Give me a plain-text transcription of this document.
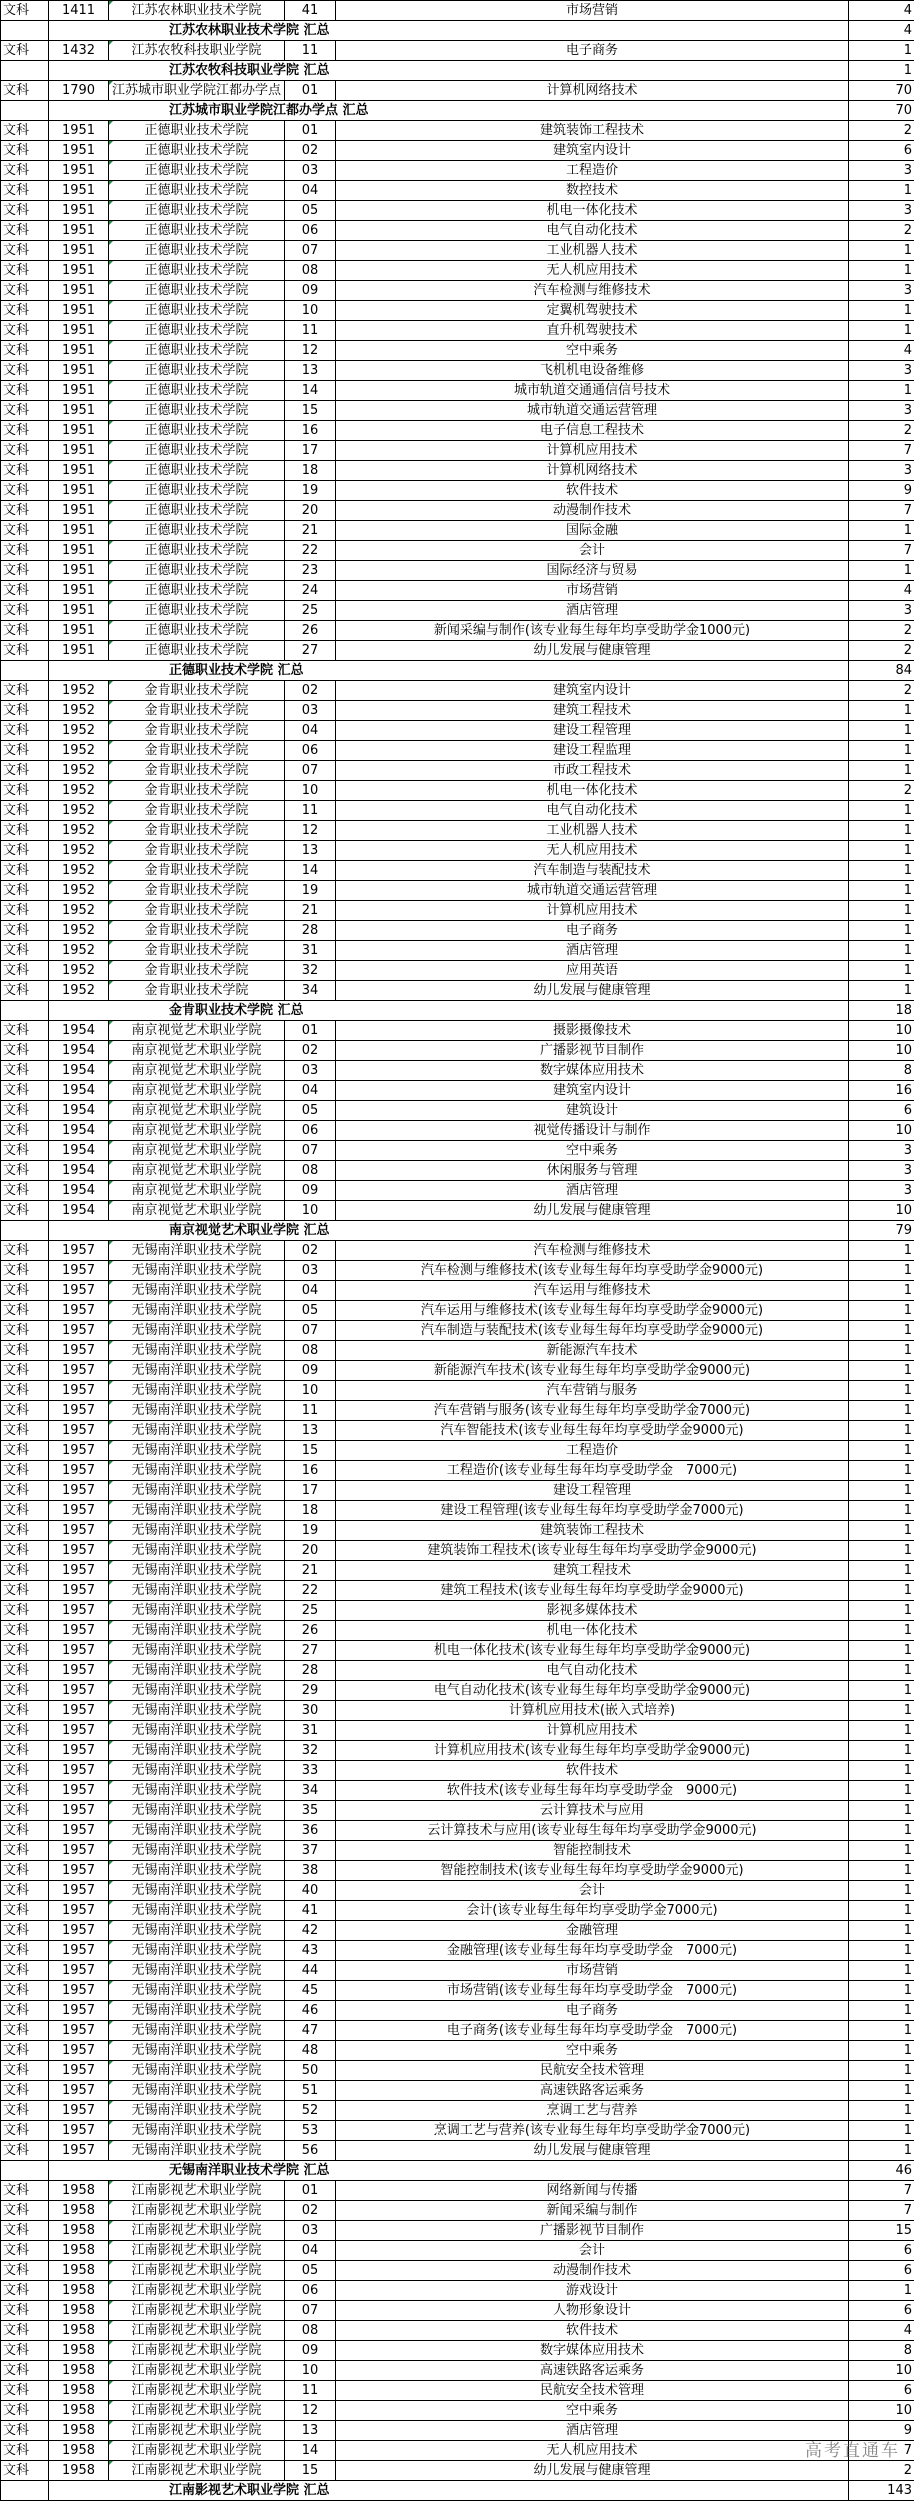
文科	1411	江苏农林职业技术学院	41	市场营销	4
	江苏农林职业技术学院 汇总				4
文科	1432	江苏农牧科技职业学院	11	电子商务	1
	江苏农牧科技职业学院 汇总				1
文科	1790	江苏城市职业学院江都办学点	01	计算机网络技术	70
	江苏城市职业学院江都办学点 汇总				70
文科	1951	正德职业技术学院	01	建筑装饰工程技术	2
文科	1951	正德职业技术学院	02	建筑室内设计	6
文科	1951	正德职业技术学院	03	工程造价	3
文科	1951	正德职业技术学院	04	数控技术	1
文科	1951	正德职业技术学院	05	机电一体化技术	3
文科	1951	正德职业技术学院	06	电气自动化技术	2
文科	1951	正德职业技术学院	07	工业机器人技术	1
文科	1951	正德职业技术学院	08	无人机应用技术	1
文科	1951	正德职业技术学院	09	汽车检测与维修技术	3
文科	1951	正德职业技术学院	10	定翼机驾驶技术	1
文科	1951	正德职业技术学院	11	直升机驾驶技术	1
文科	1951	正德职业技术学院	12	空中乘务	4
文科	1951	正德职业技术学院	13	飞机机电设备维修	3
文科	1951	正德职业技术学院	14	城市轨道交通通信信号技术	1
文科	1951	正德职业技术学院	15	城市轨道交通运营管理	3
文科	1951	正德职业技术学院	16	电子信息工程技术	2
文科	1951	正德职业技术学院	17	计算机应用技术	7
文科	1951	正德职业技术学院	18	计算机网络技术	3
文科	1951	正德职业技术学院	19	软件技术	9
文科	1951	正德职业技术学院	20	动漫制作技术	7
文科	1951	正德职业技术学院	21	国际金融	1
文科	1951	正德职业技术学院	22	会计	7
文科	1951	正德职业技术学院	23	国际经济与贸易	1
文科	1951	正德职业技术学院	24	市场营销	4
文科	1951	正德职业技术学院	25	酒店管理	3
文科	1951	正德职业技术学院	26	新闻采编与制作(该专业每生每年均享受助学金1000元)	2
文科	1951	正德职业技术学院	27	幼儿发展与健康管理	2
	正德职业技术学院 汇总				84
文科	1952	金肯职业技术学院	02	建筑室内设计	2
文科	1952	金肯职业技术学院	03	建筑工程技术	1
文科	1952	金肯职业技术学院	04	建设工程管理	1
文科	1952	金肯职业技术学院	06	建设工程监理	1
文科	1952	金肯职业技术学院	07	市政工程技术	1
文科	1952	金肯职业技术学院	10	机电一体化技术	2
文科	1952	金肯职业技术学院	11	电气自动化技术	1
文科	1952	金肯职业技术学院	12	工业机器人技术	1
文科	1952	金肯职业技术学院	13	无人机应用技术	1
文科	1952	金肯职业技术学院	14	汽车制造与装配技术	1
文科	1952	金肯职业技术学院	19	城市轨道交通运营管理	1
文科	1952	金肯职业技术学院	21	计算机应用技术	1
文科	1952	金肯职业技术学院	28	电子商务	1
文科	1952	金肯职业技术学院	31	酒店管理	1
文科	1952	金肯职业技术学院	32	应用英语	1
文科	1952	金肯职业技术学院	34	幼儿发展与健康管理	1
	金肯职业技术学院 汇总				18
文科	1954	南京视觉艺术职业学院	01	摄影摄像技术	10
文科	1954	南京视觉艺术职业学院	02	广播影视节目制作	10
文科	1954	南京视觉艺术职业学院	03	数字媒体应用技术	8
文科	1954	南京视觉艺术职业学院	04	建筑室内设计	16
文科	1954	南京视觉艺术职业学院	05	建筑设计	6
文科	1954	南京视觉艺术职业学院	06	视觉传播设计与制作	10
文科	1954	南京视觉艺术职业学院	07	空中乘务	3
文科	1954	南京视觉艺术职业学院	08	休闲服务与管理	3
文科	1954	南京视觉艺术职业学院	09	酒店管理	3
文科	1954	南京视觉艺术职业学院	10	幼儿发展与健康管理	10
	南京视觉艺术职业学院 汇总				79
文科	1957	无锡南洋职业技术学院	02	汽车检测与维修技术	1
文科	1957	无锡南洋职业技术学院	03	汽车检测与维修技术(该专业每生每年均享受助学金9000元)	1
文科	1957	无锡南洋职业技术学院	04	汽车运用与维修技术	1
文科	1957	无锡南洋职业技术学院	05	汽车运用与维修技术(该专业每生每年均享受助学金9000元)	1
文科	1957	无锡南洋职业技术学院	07	汽车制造与装配技术(该专业每生每年均享受助学金9000元)	1
文科	1957	无锡南洋职业技术学院	08	新能源汽车技术	1
文科	1957	无锡南洋职业技术学院	09	新能源汽车技术(该专业每生每年均享受助学金9000元)	1
文科	1957	无锡南洋职业技术学院	10	汽车营销与服务	1
文科	1957	无锡南洋职业技术学院	11	汽车营销与服务(该专业每生每年均享受助学金7000元)	1
文科	1957	无锡南洋职业技术学院	13	汽车智能技术(该专业每生每年均享受助学金9000元)	1
文科	1957	无锡南洋职业技术学院	15	工程造价	1
文科	1957	无锡南洋职业技术学院	16	工程造价(该专业每生每年均享受助学金　7000元)	1
文科	1957	无锡南洋职业技术学院	17	建设工程管理	1
文科	1957	无锡南洋职业技术学院	18	建设工程管理(该专业每生每年均享受助学金7000元)	1
文科	1957	无锡南洋职业技术学院	19	建筑装饰工程技术	1
文科	1957	无锡南洋职业技术学院	20	建筑装饰工程技术(该专业每生每年均享受助学金9000元)	1
文科	1957	无锡南洋职业技术学院	21	建筑工程技术	1
文科	1957	无锡南洋职业技术学院	22	建筑工程技术(该专业每生每年均享受助学金9000元)	1
文科	1957	无锡南洋职业技术学院	25	影视多媒体技术	1
文科	1957	无锡南洋职业技术学院	26	机电一体化技术	1
文科	1957	无锡南洋职业技术学院	27	机电一体化技术(该专业每生每年均享受助学金9000元)	1
文科	1957	无锡南洋职业技术学院	28	电气自动化技术	1
文科	1957	无锡南洋职业技术学院	29	电气自动化技术(该专业每生每年均享受助学金9000元)	1
文科	1957	无锡南洋职业技术学院	30	计算机应用技术(嵌入式培养)	1
文科	1957	无锡南洋职业技术学院	31	计算机应用技术	1
文科	1957	无锡南洋职业技术学院	32	计算机应用技术(该专业每生每年均享受助学金9000元)	1
文科	1957	无锡南洋职业技术学院	33	软件技术	1
文科	1957	无锡南洋职业技术学院	34	软件技术(该专业每生每年均享受助学金　9000元)	1
文科	1957	无锡南洋职业技术学院	35	云计算技术与应用	1
文科	1957	无锡南洋职业技术学院	36	云计算技术与应用(该专业每生每年均享受助学金9000元)	1
文科	1957	无锡南洋职业技术学院	37	智能控制技术	1
文科	1957	无锡南洋职业技术学院	38	智能控制技术(该专业每生每年均享受助学金9000元)	1
文科	1957	无锡南洋职业技术学院	40	会计	1
文科	1957	无锡南洋职业技术学院	41	会计(该专业每生每年均享受助学金7000元)	1
文科	1957	无锡南洋职业技术学院	42	金融管理	1
文科	1957	无锡南洋职业技术学院	43	金融管理(该专业每生每年均享受助学金　7000元)	1
文科	1957	无锡南洋职业技术学院	44	市场营销	1
文科	1957	无锡南洋职业技术学院	45	市场营销(该专业每生每年均享受助学金　7000元)	1
文科	1957	无锡南洋职业技术学院	46	电子商务	1
文科	1957	无锡南洋职业技术学院	47	电子商务(该专业每生每年均享受助学金　7000元)	1
文科	1957	无锡南洋职业技术学院	48	空中乘务	1
文科	1957	无锡南洋职业技术学院	50	民航安全技术管理	1
文科	1957	无锡南洋职业技术学院	51	高速铁路客运乘务	1
文科	1957	无锡南洋职业技术学院	52	烹调工艺与营养	1
文科	1957	无锡南洋职业技术学院	53	烹调工艺与营养(该专业每生每年均享受助学金7000元)	1
文科	1957	无锡南洋职业技术学院	56	幼儿发展与健康管理	1
	无锡南洋职业技术学院 汇总				46
文科	1958	江南影视艺术职业学院	01	网络新闻与传播	7
文科	1958	江南影视艺术职业学院	02	新闻采编与制作	7
文科	1958	江南影视艺术职业学院	03	广播影视节目制作	15
文科	1958	江南影视艺术职业学院	04	会计	6
文科	1958	江南影视艺术职业学院	05	动漫制作技术	6
文科	1958	江南影视艺术职业学院	06	游戏设计	1
文科	1958	江南影视艺术职业学院	07	人物形象设计	6
文科	1958	江南影视艺术职业学院	08	软件技术	4
文科	1958	江南影视艺术职业学院	09	数字媒体应用技术	8
文科	1958	江南影视艺术职业学院	10	高速铁路客运乘务	10
文科	1958	江南影视艺术职业学院	11	民航安全技术管理	6
文科	1958	江南影视艺术职业学院	12	空中乘务	10
文科	1958	江南影视艺术职业学院	13	酒店管理	9
文科	1958	江南影视艺术职业学院	14	无人机应用技术	7
文科	1958	江南影视艺术职业学院	15	幼儿发展与健康管理	2
	江南影视艺术职业学院 汇总				143
高考直通车
